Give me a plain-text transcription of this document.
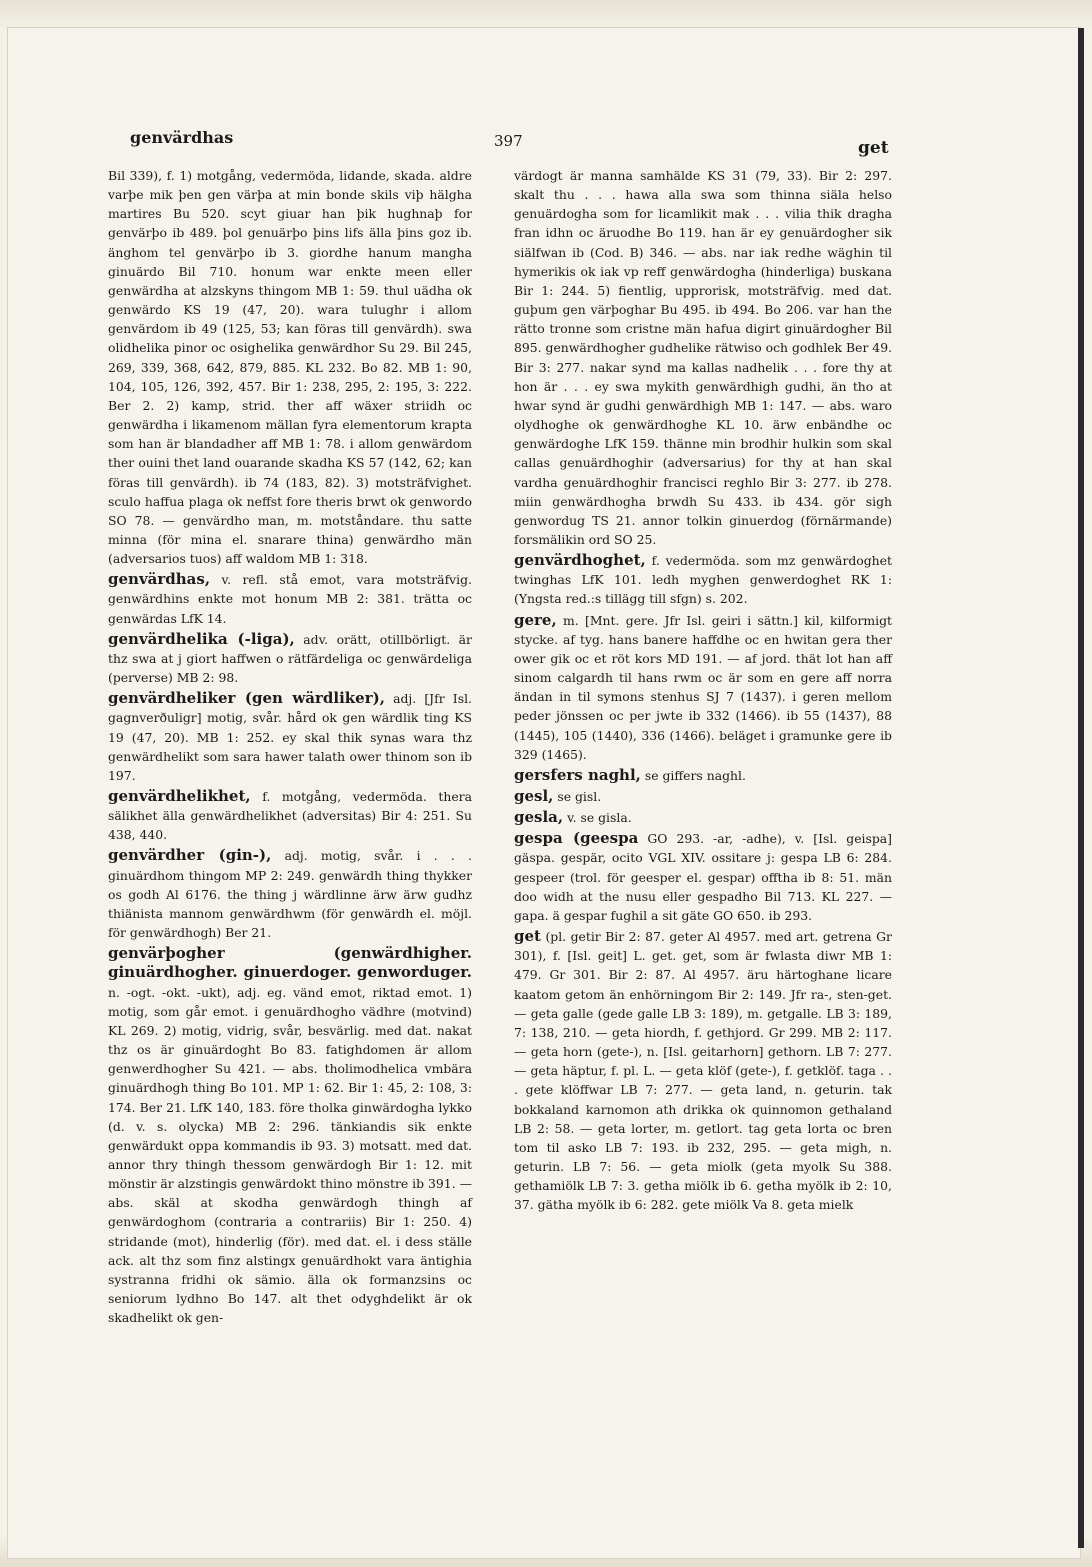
genvärdhas	397	get

Bil 339), f. 1) motgång, vedermöda, lidande, skada. aldre varþe mik þen gen värþa at min bonde skils viþ hälgha martires Bu 520. scyt giuar han þik hughnaþ for genvärþo ib 489. þol genuärþo þins lifs älla þins goz ib. änghom tel genvärþo ib 3. giordhe hanum mangha ginuärdo Bil 710. honum war enkte meen eller genwärdha at alzskyns thingom MB 1: 59. thul uädha ok genwärdo KS 19 (47, 20). wara tulughr i allom genvärdom ib 49 (125, 53; kan föras till genvärdh). swa olidhelika pinor oc osighelika genwärdhor Su 29. Bil 245, 269, 339, 368, 642, 879, 885. KL 232. Bo 82. MB 1: 90, 104, 105, 126, 392, 457. Bir 1: 238, 295, 2: 195, 3: 222. Ber 2. 2) kamp, strid. ther aff wäxer striidh oc genwärdha i likamenom mällan fyra elementorum krapta som han är blandadher aff MB 1: 78. i allom genwärdom ther ouini thet land ouarande skadha KS 57 (142, 62; kan föras till genvärdh). ib 74 (183, 82). 3) motsträfvighet. sculo haffua plaga ok neffst fore theris brwt ok genwordo SO 78. — genvärdho man, m. motståndare. thu satte minna (för mina el. snarare thina) genwärdho män (adversarios tuos) aff waldom MB 1: 318.

genvärdhas, v. refl. stå emot, vara motsträfvig. genwärdhins enkte mot honum MB 2: 381. trätta oc genwärdas LfK 14.

genvärdhelika (-liga), adv. orätt, otillbörligt. är thz swa at j giort haffwen o rätfärdeliga oc genwärdeliga (perverse) MB 2: 98.

genvärdheliker (gen wärdliker), adj. [Jfr Isl. gagnverðuligr] motig, svår. hård ok gen wärdlik ting KS 19 (47, 20). MB 1: 252. ey skal thik synas wara thz genwärdhelikt som sara hawer talath ower thinom son ib 197.

genvärdhelikhet, f. motgång, vedermöda. thera sälikhet älla genwärdhelikhet (adversitas) Bir 4: 251. Su 438, 440.

genvärdher (gin-), adj. motig, svår. i . . . ginuärdhom thingom MP 2: 249. genwärdh thing thykker os godh Al 6176. the thing j wärdlinne ärw ärw gudhz thiänista mannom genwärdhwm (för genwärdh el. möjl. för genwärdhogh) Ber 21.

genvärþogher (genwärdhigher. ginuärdhogher. ginuerdoger. genworduger. n. -ogt. -okt. -ukt), adj. eg. vänd emot, riktad emot. 1) motig, som går emot. i genuärdhogho vädhre (motvind) KL 269. 2) motig, vidrig, svår, besvärlig. med dat. nakat thz os är ginuärdoght Bo 83. fatighdomen är allom genwerdhogher Su 421. — abs. tholimodhelica vmbära ginuärdhogh thing Bo 101. MP 1: 62. Bir 1: 45, 2: 108, 3: 174. Ber 21. LfK 140, 183. före tholka ginwärdogha lykko (d. v. s. olycka) MB 2: 296. tänkiandis sik enkte genwärdukt oppa kommandis ib 93. 3) motsatt. med dat. annor thry thingh thessom genwärdogh Bir 1: 12. mit mönstir är alzstingis genwärdokt thino mönstre ib 391. — abs. skäl at skodha genwärdogh thingh af genwärdoghom (contraria a contrariis) Bir 1: 250. 4) stridande (mot), hinderlig (för). med dat. el. i dess ställe ack. alt thz som finz alstingx genuärdhokt vara äntighia systranna fridhi ok sämio. älla ok formanzsins oc seniorum lydhno Bo 147. alt thet odyghdelikt är ok skadhelikt ok gen-

värdogt är manna samhälde KS 31 (79, 33). Bir 2: 297. skalt thu . . . hawa alla swa som thinna siäla helso genuärdogha som for licamlikit mak . . . vilia thik dragha fran idhn oc äruodhe Bo 119. han är ey genuärdogher sik siälfwan ib (Cod. B) 346. — abs. nar iak redhe wäghin til hymerikis ok iak vp reff genwärdogha (hinderliga) buskana Bir 1: 244. 5) fientlig, upprorisk, motsträfvig. med dat. guþum gen värþoghar Bu 495. ib 494. Bo 206. var han the rätto tronne som cristne män hafua digirt ginuärdogher Bil 895. genwärdhogher gudhelike rätwiso och godhlek Ber 49. Bir 3: 277. nakar synd ma kallas nadhelik . . . fore thy at hon är . . . ey swa mykith genwärdhigh gudhi, än tho at hwar synd är gudhi genwärdhigh MB 1: 147. — abs. waro olydhoghe ok genwärdhoghe KL 10. ärw enbändhe oc genwärdoghe LfK 159. thänne min brodhir hulkin som skal callas genuärdhoghir (adversarius) for thy at han skal vardha genuärdhoghir francisci reghlo Bir 3: 277. ib 278. miin genwärdhogha brwdh Su 433. ib 434. gör sigh genwordug TS 21. annor tolkin ginuerdog (förnärmande) forsmälikin ord SO 25.

genvärdhoghet, f. vedermöda. som mz genwärdoghet twinghas LfK 101. ledh myghen genwerdoghet RK 1: (Yngsta red.:s tillägg till sfgn) s. 202.

gere, m. [Mnt. gere. Jfr Isl. geiri i sättn.] kil, kilformigt stycke. af tyg. hans banere haffdhe oc en hwitan gera ther ower gik oc et röt kors MD 191. — af jord. thät lot han aff sinom calgardh til hans rwm oc är som en gere aff norra ändan in til symons stenhus SJ 7 (1437). i geren mellom peder jönssen oc per jwte ib 332 (1466). ib 55 (1437), 88 (1445), 105 (1440), 336 (1466). beläget i gramunke gere ib 329 (1465).

gersfers naghl, se giffers naghl.

gesl, se gisl.

gesla, v. se gisla.

gespa (geespa GO 293. -ar, -adhe), v. [Isl. geispa] gäspa. gespär, ocito VGL XIV. ossitare j: gespa LB 6: 284. gespeer (trol. för geesper el. gespar) offtha ib 8: 51. män doo widh at the nusu eller gespadho Bil 713. KL 227. — gapa. ä gespar fughil a sit gäte GO 650. ib 293.

get (pl. getir Bir 2: 87. geter Al 4957. med art. getrena Gr 301), f. [Isl. geit] L. get. get, som är fwlasta diwr MB 1: 479. Gr 301. Bir 2: 87. Al 4957. äru härtoghane licare kaatom getom än enhörningom Bir 2: 149. Jfr ra-, sten-get. — geta galle (gede galle LB 3: 189), m. getgalle. LB 3: 189, 7: 138, 210. — geta hiordh, f. gethjord. Gr 299. MB 2: 117. — geta horn (gete-), n. [Isl. geitarhorn] gethorn. LB 7: 277. — geta häptur, f. pl. L. — geta klöf (gete-), f. getklöf. taga . . . gete klöffwar LB 7: 277. — geta land, n. geturin. tak bokkaland karnomon ath drikka ok quinnomon gethaland LB 2: 58. — geta lorter, m. getlort. tag geta lorta oc bren tom til asko LB 7: 193. ib 232, 295. — geta migh, n. geturin. LB 7: 56. — geta miolk (geta myolk Su 388. gethamiölk LB 7: 3. getha miölk ib 6. getha myölk ib 2: 10, 37. gätha myölk ib 6: 282. gete miölk Va 8. geta mielk
